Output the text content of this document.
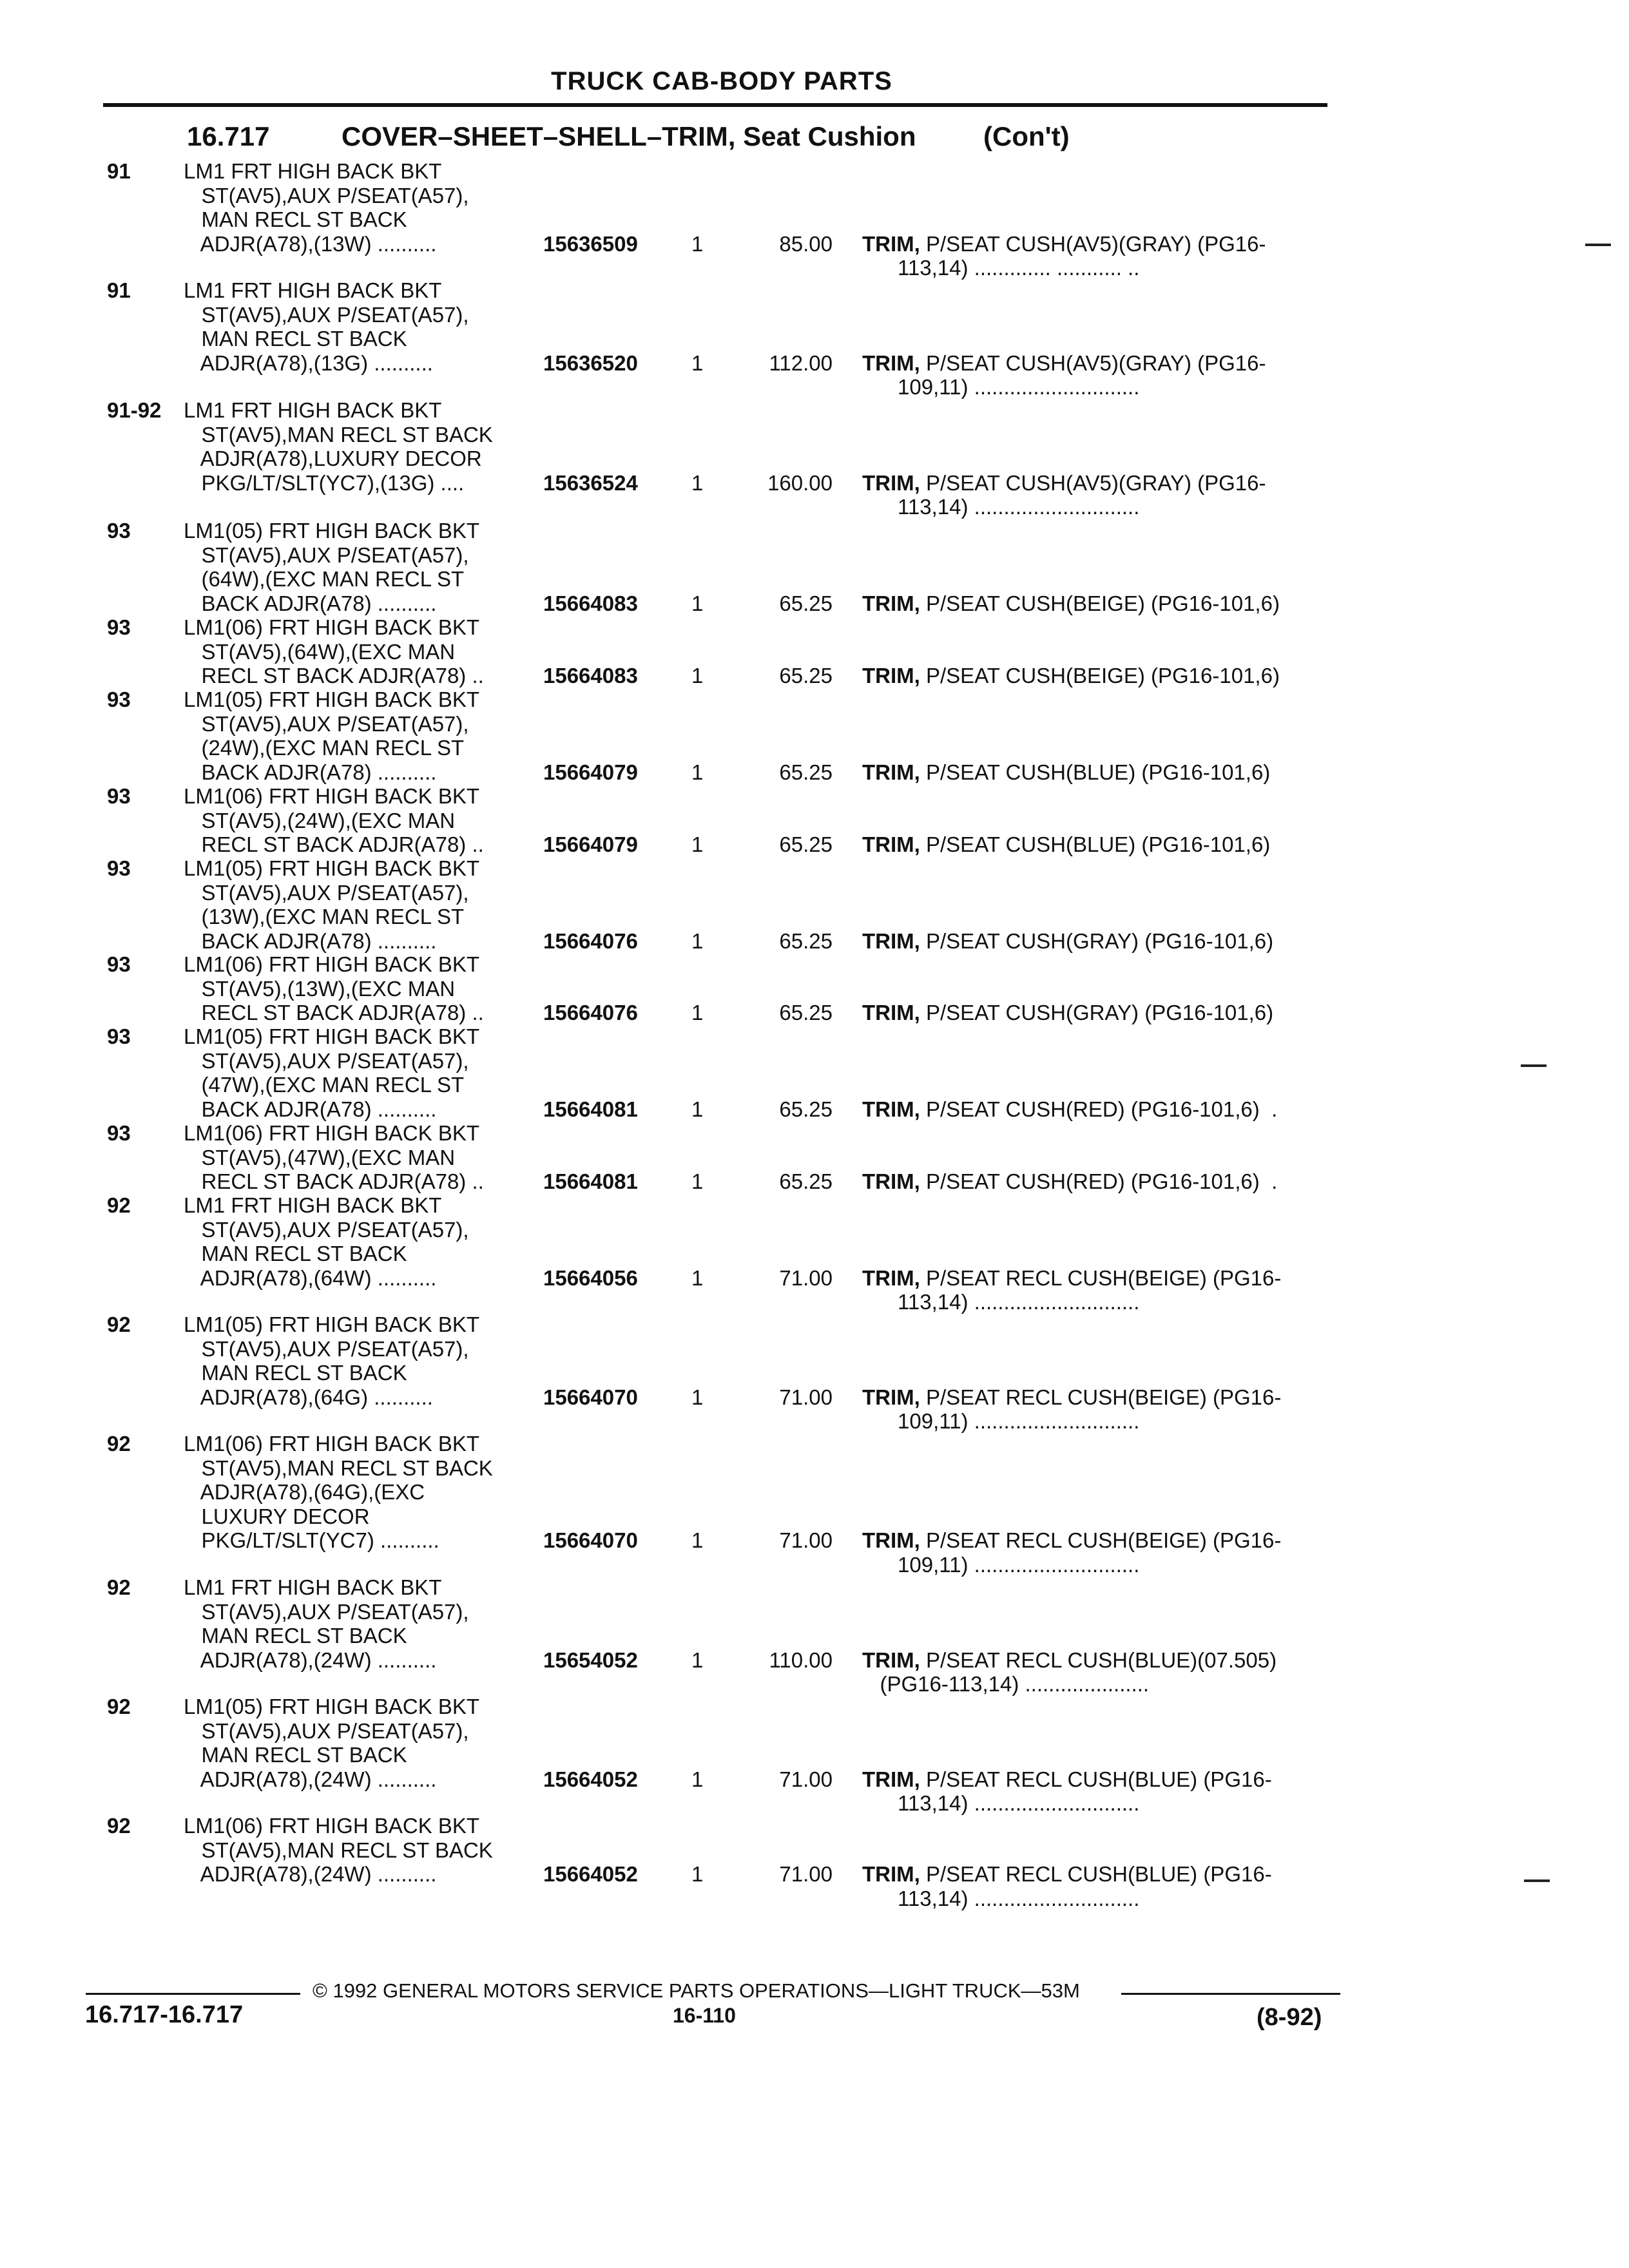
TRUCK CAB-BODY PARTS
16.717	COVER–SHEET–SHELL–TRIM, Seat Cushion (Con't)
91 LM1 FRT HIGH BACK BKT
ST(AV5),AUX P/SEAT(A57),
MAN RECL ST BACK
ADJR(A78),(13W) ..........	15636509	1	85.00 TRIM, P/SEAT CUSH(AV5)(GRAY) (PG16-
113,14) ............. ........... ..
91 LM1 FRT HIGH BACK BKT
ST(AV5),AUX P/SEAT(A57),
MAN RECL ST BACK
ADJR(A78),(13G) ..........	15636520	1	112.00 TRIM, P/SEAT CUSH(AV5)(GRAY) (PG16-
109,11) ............................
91-92 LM1 FRT HIGH BACK BKT
ST(AV5),MAN RECL ST BACK
ADJR(A78),LUXURY DECOR
PKG/LT/SLT(YC7),(13G) ....	15636524	1	160.00 TRIM, P/SEAT CUSH(AV5)(GRAY) (PG16-
113,14) ............................
93 LM1(05) FRT HIGH BACK BKT
ST(AV5),AUX P/SEAT(A57),
(64W),(EXC MAN RECL ST
BACK ADJR(A78) ..........	15664083	1	65.25 TRIM, P/SEAT CUSH(BEIGE) (PG16-101,6)
93 LM1(06) FRT HIGH BACK BKT
ST(AV5),(64W),(EXC MAN
RECL ST BACK ADJR(A78) ..	15664083	1	65.25 TRIM, P/SEAT CUSH(BEIGE) (PG16-101,6)
93 LM1(05) FRT HIGH BACK BKT
ST(AV5),AUX P/SEAT(A57),
(24W),(EXC MAN RECL ST
BACK ADJR(A78) ..........	15664079	1	65.25 TRIM, P/SEAT CUSH(BLUE) (PG16-101,6)
93 LM1(06) FRT HIGH BACK BKT
ST(AV5),(24W),(EXC MAN
RECL ST BACK ADJR(A78) ..	15664079	1	65.25 TRIM, P/SEAT CUSH(BLUE) (PG16-101,6)
93 LM1(05) FRT HIGH BACK BKT
ST(AV5),AUX P/SEAT(A57),
(13W),(EXC MAN RECL ST
BACK ADJR(A78) ..........	15664076	1	65.25 TRIM, P/SEAT CUSH(GRAY) (PG16-101,6)
93 LM1(06) FRT HIGH BACK BKT
ST(AV5),(13W),(EXC MAN
RECL ST BACK ADJR(A78) ..	15664076	1	65.25 TRIM, P/SEAT CUSH(GRAY) (PG16-101,6)
93 LM1(05) FRT HIGH BACK BKT
ST(AV5),AUX P/SEAT(A57),
(47W),(EXC MAN RECL ST
BACK ADJR(A78) ..........	15664081	1	65.25 TRIM, P/SEAT CUSH(RED) (PG16-101,6)  .
93 LM1(06) FRT HIGH BACK BKT
ST(AV5),(47W),(EXC MAN
RECL ST BACK ADJR(A78) ..	15664081	1	65.25 TRIM, P/SEAT CUSH(RED) (PG16-101,6)  .
92 LM1 FRT HIGH BACK BKT
ST(AV5),AUX P/SEAT(A57),
MAN RECL ST BACK
ADJR(A78),(64W) ..........	15664056	1	71.00 TRIM, P/SEAT RECL CUSH(BEIGE) (PG16-
113,14) ............................
92 LM1(05) FRT HIGH BACK BKT
ST(AV5),AUX P/SEAT(A57),
MAN RECL ST BACK
ADJR(A78),(64G) ..........	15664070	1	71.00 TRIM, P/SEAT RECL CUSH(BEIGE) (PG16-
109,11) ............................
92 LM1(06) FRT HIGH BACK BKT
ST(AV5),MAN RECL ST BACK
ADJR(A78),(64G),(EXC
LUXURY DECOR
PKG/LT/SLT(YC7) ..........	15664070	1	71.00 TRIM, P/SEAT RECL CUSH(BEIGE) (PG16-
109,11) ............................
92 LM1 FRT HIGH BACK BKT
ST(AV5),AUX P/SEAT(A57),
MAN RECL ST BACK
ADJR(A78),(24W) ..........	15654052	1	110.00 TRIM, P/SEAT RECL CUSH(BLUE)(07.505)
(PG16-113,14) .....................
92 LM1(05) FRT HIGH BACK BKT
ST(AV5),AUX P/SEAT(A57),
MAN RECL ST BACK
ADJR(A78),(24W) ..........	15664052	1	71.00 TRIM, P/SEAT RECL CUSH(BLUE) (PG16-
113,14) ............................
92 LM1(06) FRT HIGH BACK BKT
ST(AV5),MAN RECL ST BACK
ADJR(A78),(24W) ..........	15664052	1	71.00 TRIM, P/SEAT RECL CUSH(BLUE) (PG16-
113,14) ............................
© 1992 GENERAL MOTORS SERVICE PARTS OPERATIONS—LIGHT TRUCK—53M
16.717-16.717	16-110	(8-92)
